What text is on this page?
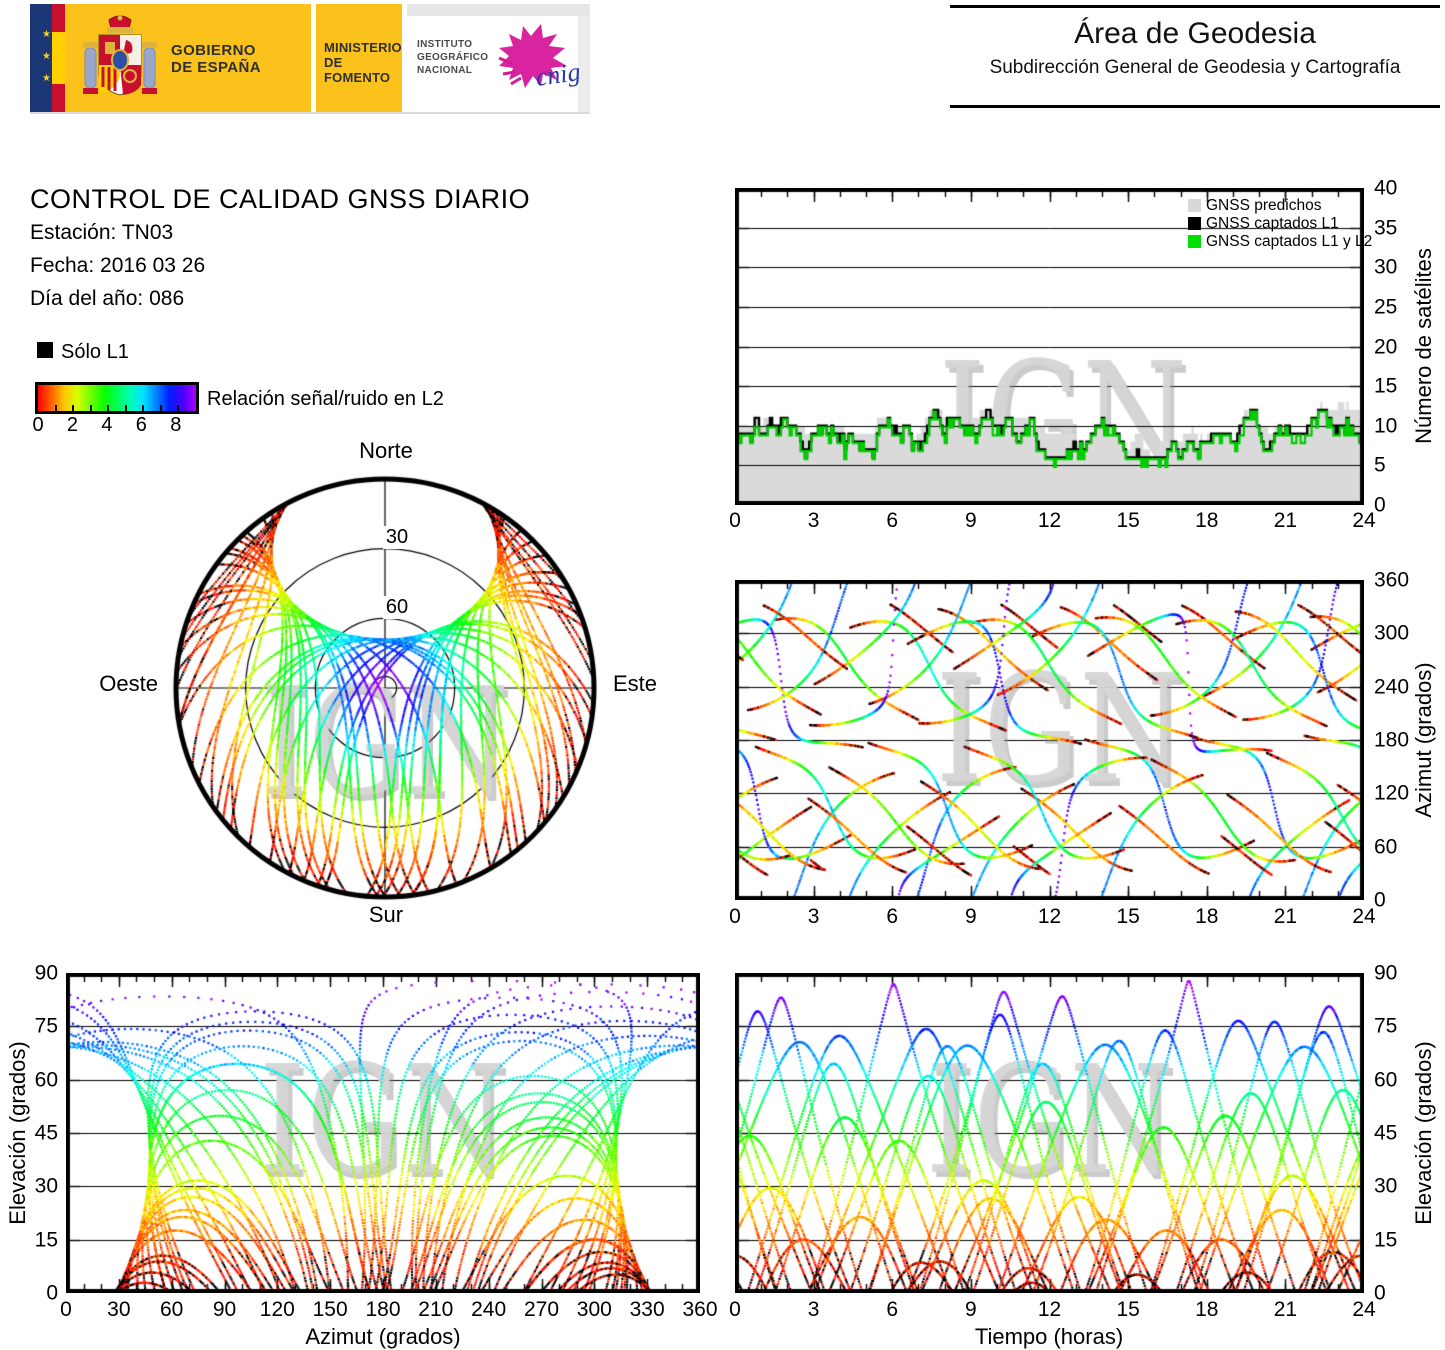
★
★
★
GOBIERNO
DE ESPAÑA
MINISTERIO
DE FOMENTO
INSTITUTO
GEOGRÁFICO
NACIONAL	cnig
Área de Geodesia
Subdirección General de Geodesia y Cartografía
CONTROL DE CALIDAD GNSS DIARIO
Estación: TN03
Fecha: 2016 03 26
Día del año: 086
Sólo L1
Relación señal/ruido en L2
0 2 4 6 8
Norte
Sur
Oeste	Este
30
60
GNSS predichos
GNSS captados L1
GNSS captados L1 y L2
Número de satélites
Azimut (grados)
Elevación (grados)
Azimut (grados)
Elevación (grados)
Tiempo (horas)
0	3	6	9	12	15	18	21	24
0
5
10
15
20
25
30
35
40
0	3	6	9	12	15	18	21	24
0
60
120
180
240
300
360
0 30 60 90 120 150 180 210 240 270 300 330 360
0
15
30
45
60
75
90
0	3	6	9	12	15	18	21	24
0
15
30
45
60
75
90
